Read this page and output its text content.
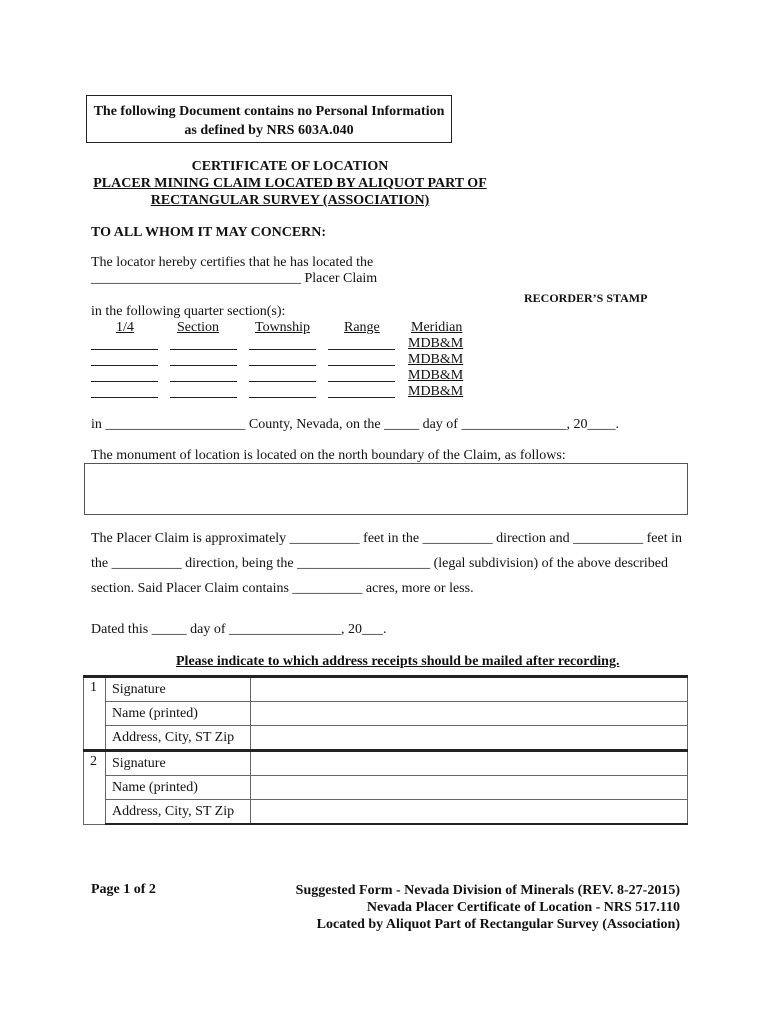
The following Document contains no Personal Information
as defined by NRS 603A.040
CERTIFICATE OF LOCATION
PLACER MINING CLAIM LOCATED BY ALIQUOT PART OF
RECTANGULAR SURVEY (ASSOCIATION)
TO ALL WHOM IT MAY CONCERN:
The locator hereby certifies that he has located the
______________________________ Placer Claim
RECORDER’S STAMP
in the following quarter section(s):
1/4	Section	Township Range Meridian
MDB&M
MDB&M
MDB&M
MDB&M
in ____________________ County, Nevada, on the _____ day of _______________, 20____.
The monument of location is located on the north boundary of the Claim, as follows:
The Placer Claim is approximately __________ feet in the __________ direction and __________ feet in
the __________ direction, being the ___________________ (legal subdivision) of the above described
section. Said Placer Claim contains __________ acres, more or less.
Dated this _____ day of ________________, 20___.
Please indicate to which address receipts should be mailed after recording.
1	Signature	
	Name (printed)	
	Address, City, ST Zip	
2	Signature	
	Name (printed)	
	Address, City, ST Zip	
Page 1 of 2	Suggested Form - Nevada Division of Minerals (REV. 8-27-2015)
Nevada Placer Certificate of Location - NRS 517.110
Located by Aliquot Part of Rectangular Survey (Association)
